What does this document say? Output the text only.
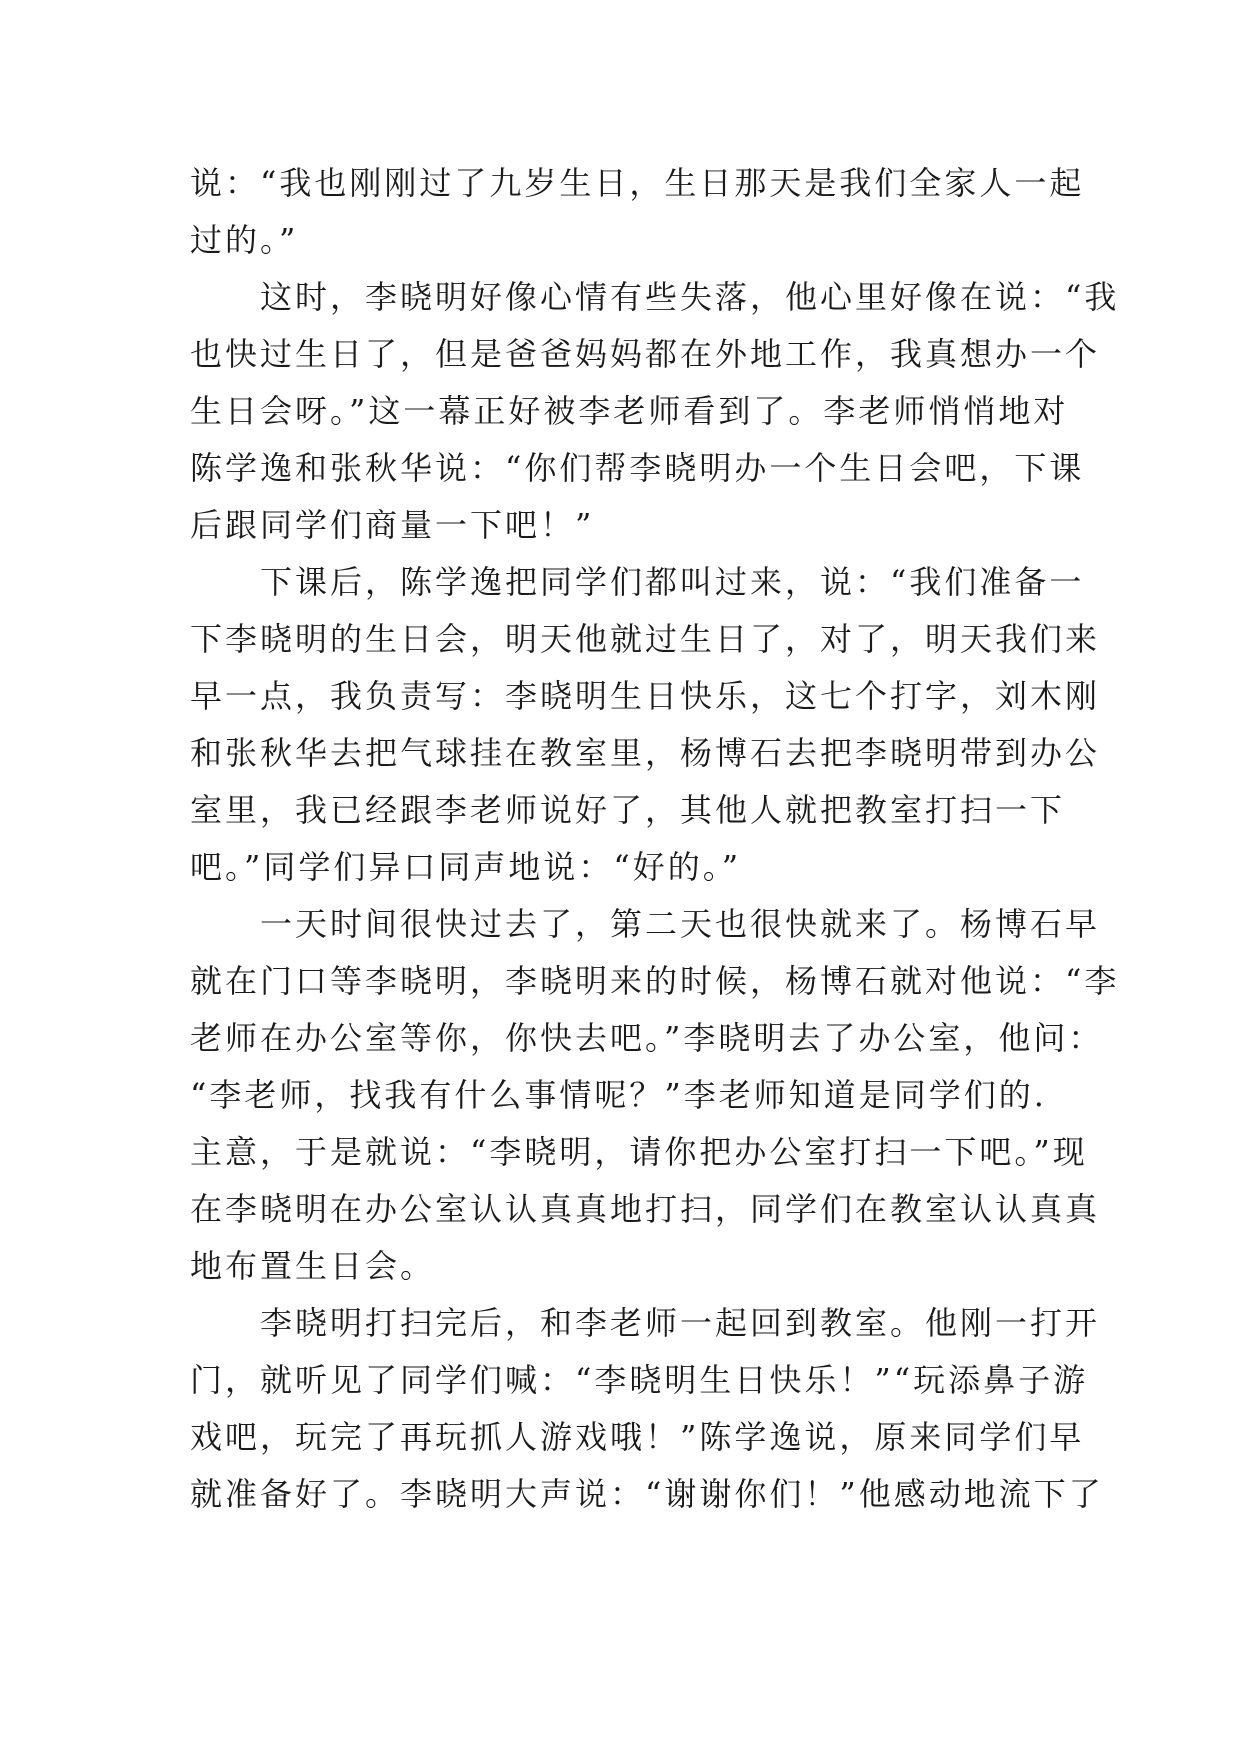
说：“我也刚刚过了九岁生日，生日那天是我们全家人一起
过的。”
　　这时，李晓明好像心情有些失落，他心里好像在说：“我
也快过生日了，但是爸爸妈妈都在外地工作，我真想办一个
生日会呀。”这一幕正好被李老师看到了。李老师悄悄地对
陈学逸和张秋华说：“你们帮李晓明办一个生日会吧，下课
后跟同学们商量一下吧！”
　　下课后，陈学逸把同学们都叫过来，说：“我们准备一
下李晓明的生日会，明天他就过生日了，对了，明天我们来
早一点，我负责写：李晓明生日快乐，这七个打字，刘木刚
和张秋华去把气球挂在教室里，杨博石去把李晓明带到办公
室里，我已经跟李老师说好了，其他人就把教室打扫一下
吧。”同学们异口同声地说：“好的。”
　　一天时间很快过去了，第二天也很快就来了。杨博石早
就在门口等李晓明，李晓明来的时候，杨博石就对他说：“李
老师在办公室等你，你快去吧。”李晓明去了办公室，他问：
“李老师，找我有什么事情呢？”李老师知道是同学们的.
主意，于是就说：“李晓明，请你把办公室打扫一下吧。”现
在李晓明在办公室认认真真地打扫，同学们在教室认认真真
地布置生日会。
　　李晓明打扫完后，和李老师一起回到教室。他刚一打开
门，就听见了同学们喊：“李晓明生日快乐！”“玩添鼻子游
戏吧，玩完了再玩抓人游戏哦！”陈学逸说，原来同学们早
就准备好了。李晓明大声说：“谢谢你们！”他感动地流下了
